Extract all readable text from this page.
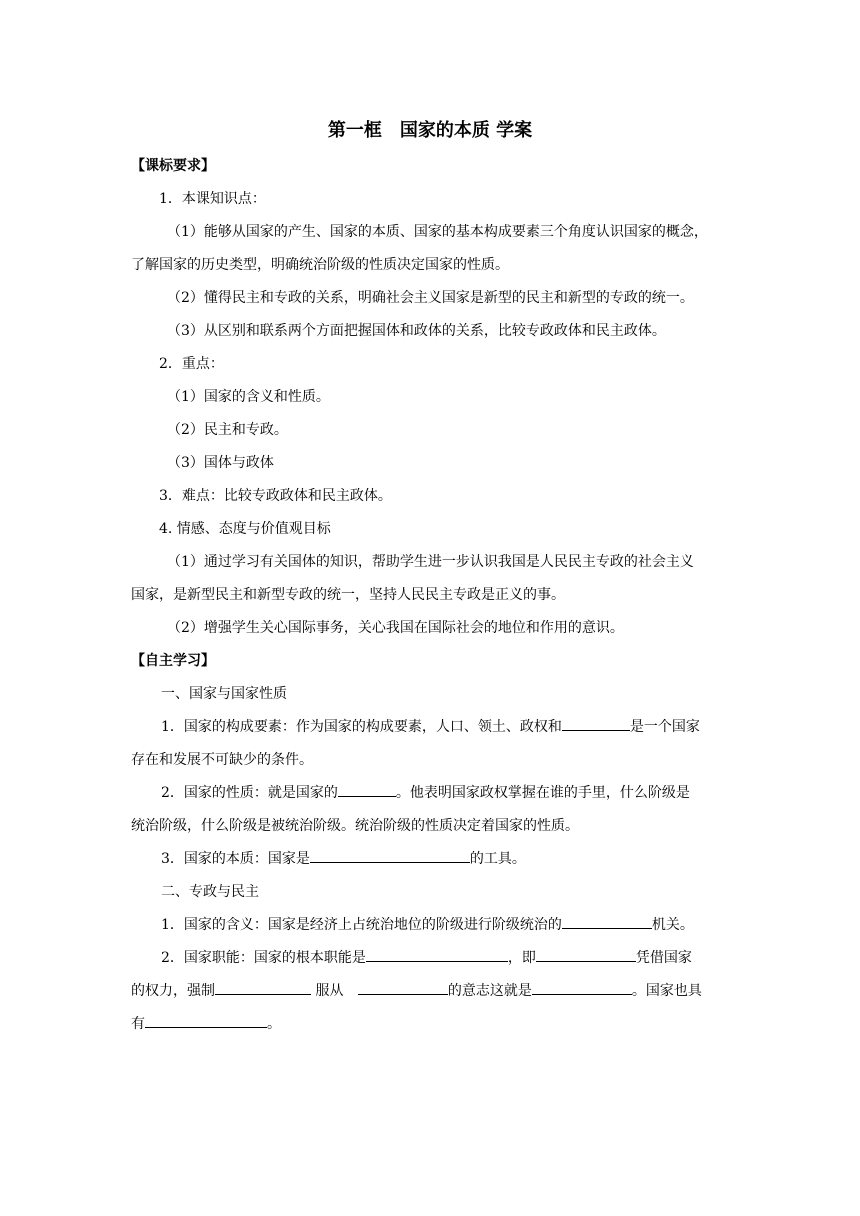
第一框　国家的本质 学案
【课标要求】
1．本课知识点：
（1）能够从国家的产生、国家的本质、国家的基本构成要素三个角度认识国家的概念，
了解国家的历史类型，明确统治阶级的性质决定国家的性质。
（2）懂得民主和专政的关系，明确社会主义国家是新型的民主和新型的专政的统一。
（3）从区别和联系两个方面把握国体和政体的关系，比较专政政体和民主政体。
2．重点：
（1）国家的含义和性质。
（2）民主和专政。
（3）国体与政体
3．难点：比较专政政体和民主政体。
4. 情感、态度与价值观目标
（1）通过学习有关国体的知识，帮助学生进一步认识我国是人民民主专政的社会主义
国家，是新型民主和新型专政的统一，坚持人民民主专政是正义的事。
（2）增强学生关心国际事务，关心我国在国际社会的地位和作用的意识。
【自主学习】
一、国家与国家性质
1．国家的构成要素：作为国家的构成要素，人口、领土、政权和	是一个国家
存在和发展不可缺少的条件。
2．国家的性质：就是国家的	。他表明国家政权掌握在谁的手里，什么阶级是
统治阶级，什么阶级是被统治阶级。统治阶级的性质决定着国家的性质。
3．国家的本质：国家是	的工具。
二、专政与民主
1．国家的含义：国家是经济上占统治地位的阶级进行阶级统治的	机关。
2．国家职能：国家的根本职能是	，即	凭借国家
的权力，强制	服从	的意志这就是	。国家也具
有	。
